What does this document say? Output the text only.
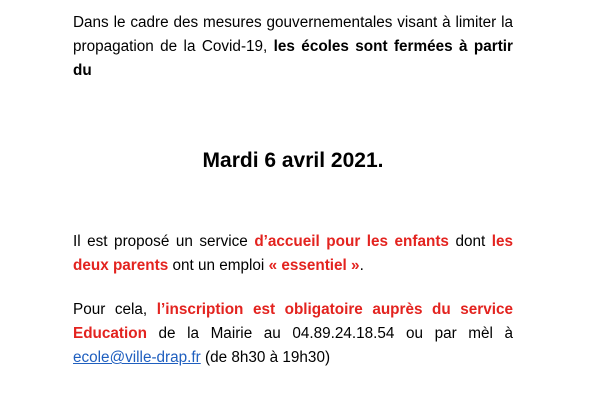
Dans le cadre des mesures gouvernementales visant à limiter la propagation de la Covid-19, les écoles sont fermées à partir du

Il est proposé un service d’accueil pour les enfants dont les deux parents ont un emploi « essentiel ».

Pour cela, l’inscription est obligatoire auprès du service Education de la Mairie au 04.89.24.18.54 ou par mèl à ecole@ville-drap.fr (de 8h30 à 19h30)

Mardi 6 avril 2021.
